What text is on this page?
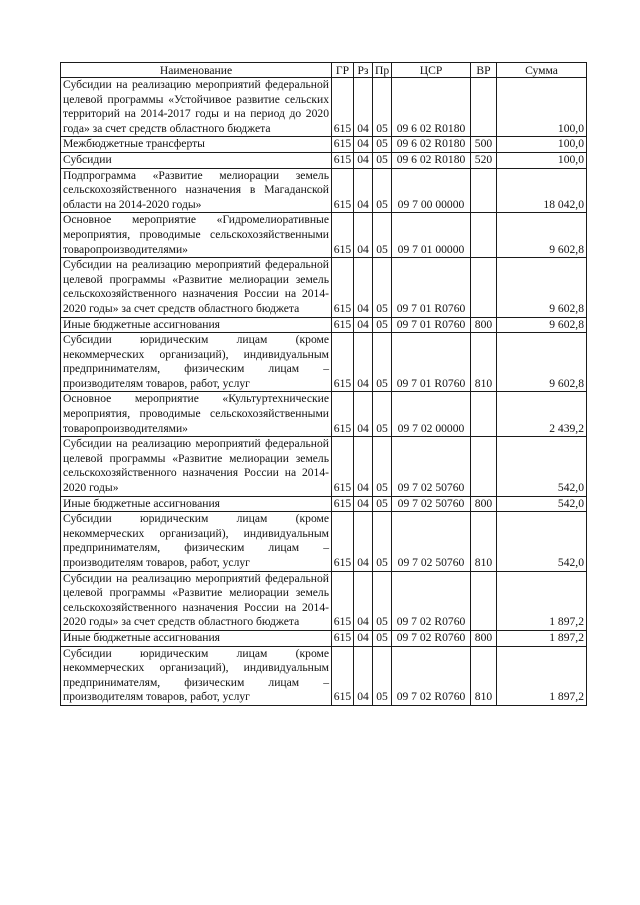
Наименование	ГР	Рз	Пр	ЦСР	ВР	Сумма
Субсидии на реализацию мероприятий федеральной целевой программы «Устойчивое развитие сельских территорий на 2014-2017 годы и на период до 2020 года» за счет средств областного бюджета	615	04	05	09 6 02 R0180		100,0
Межбюджетные трансферты	615	04	05	09 6 02 R0180	500	100,0
Субсидии	615	04	05	09 6 02 R0180	520	100,0
Подпрограмма «Развитие мелиорации земель сельскохозяйственного назначения в Магаданской области на 2014-2020 годы»	615	04	05	09 7 00 00000		18 042,0
Основное мероприятие «Гидромелиоративные мероприятия, проводимые сельскохозяйственными товаропроизводителями»	615	04	05	09 7 01 00000		9 602,8
Субсидии на реализацию мероприятий федеральной целевой программы «Развитие мелиорации земель сельскохозяйственного назначения России на 2014-2020 годы» за счет средств областного бюджета	615	04	05	09 7 01 R0760		9 602,8
Иные бюджетные ассигнования	615	04	05	09 7 01 R0760	800	9 602,8
Субсидии юридическим лицам (кроме некоммерческих организаций), индивидуальным предпринимателям, физическим лицам – производителям товаров, работ, услуг	615	04	05	09 7 01 R0760	810	9 602,8
Основное мероприятие «Культуртехнические мероприятия, проводимые сельскохозяйственными товаропроизводителями»	615	04	05	09 7 02 00000		2 439,2
Субсидии на реализацию мероприятий федеральной целевой программы «Развитие мелиорации земель сельскохозяйственного назначения России на 2014-2020 годы»	615	04	05	09 7 02 50760		542,0
Иные бюджетные ассигнования	615	04	05	09 7 02 50760	800	542,0
Субсидии юридическим лицам (кроме некоммерческих организаций), индивидуальным предпринимателям, физическим лицам – производителям товаров, работ, услуг	615	04	05	09 7 02 50760	810	542,0
Субсидии на реализацию мероприятий федеральной целевой программы «Развитие мелиорации земель сельскохозяйственного назначения России на 2014-2020 годы» за счет средств областного бюджета	615	04	05	09 7 02 R0760		1 897,2
Иные бюджетные ассигнования	615	04	05	09 7 02 R0760	800	1 897,2
Субсидии юридическим лицам (кроме некоммерческих организаций), индивидуальным предпринимателям, физическим лицам – производителям товаров, работ, услуг	615	04	05	09 7 02 R0760	810	1 897,2
